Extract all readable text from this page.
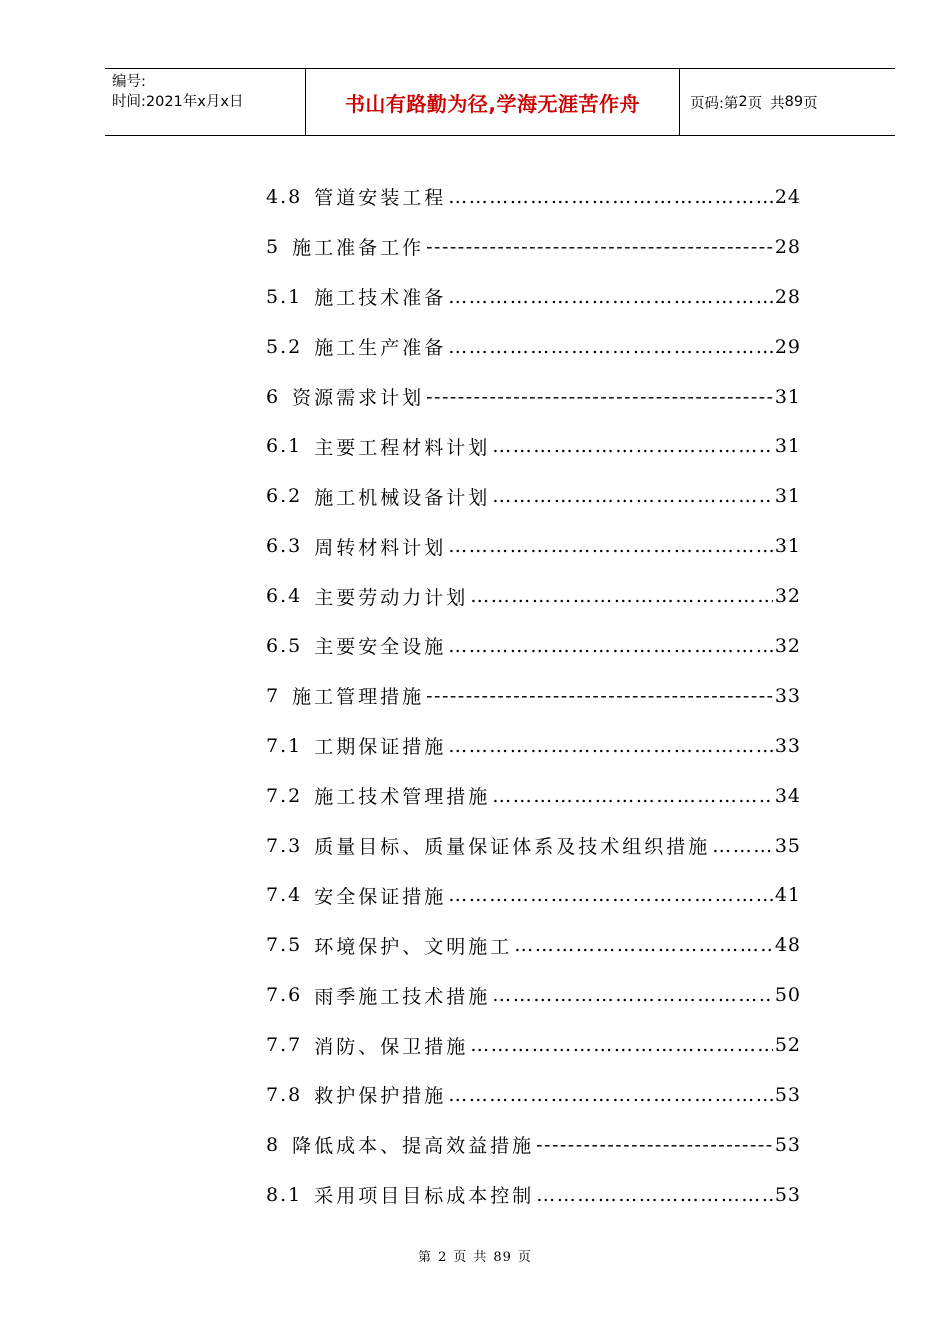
编号:
时间:2021年x月x日	书山有路勤为径,学海无涯苦作舟	页码:第 2 页 共 89 页
4.8 管道安装工程 ……………………………………………………………………………………………………	24
5 施工准备工作 -----	28
5.1 施工技术准备 ……………………………………………………………………………………………………	28
5.2 施工生产准备 ……………………………………………………………………………………………………	29
6 资源需求计划 -----	31
6.1 主要工程材料计划 ……………………………………………………………………………………………………	31
6.2 施工机械设备计划 ……………………………………………………………………………………………………	31
6.3 周转材料计划 ……………………………………………………………………………………………………	31
6.4 主要劳动力计划 ……………………………………………………………………………………………………	32
6.5 主要安全设施 ……………………………………………………………………………………………………	32
7 施工管理措施 -----	33
7.1 工期保证措施 ……………………………………………………………………………………………………	33
7.2 施工技术管理措施 ……………………………………………………………………………………………………	34
7.3 质量目标、质量保证体系及技术组织措施 ……………………………………………………………………………………………………	35
7.4 安全保证措施 ……………………………………………………………………………………………………	41
7.5 环境保护、文明施工 ……………………………………………………………………………………………………	48
7.6 雨季施工技术措施 ……………………………………………………………………………………………………	50
7.7 消防、保卫措施 ……………………………………………………………………………………………………	52
7.8 救护保护措施 ……………………………………………………………………………………………………	53
8 降低成本、提高效益措施 -----	53
8.1 采用项目目标成本控制 ……………………………………………………………………………………………………	53
第 2 页 共 89 页
